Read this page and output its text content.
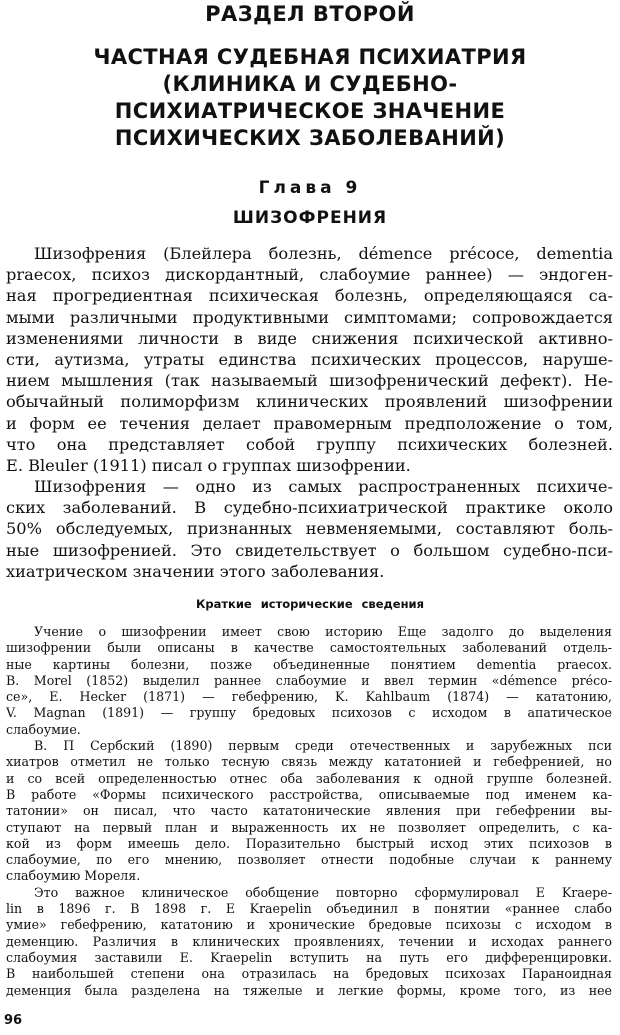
РАЗДЕЛ ВТОРОЙ
ЧАСТНАЯ СУДЕБНАЯ ПСИХИАТРИЯ
(КЛИНИКА И СУДЕБНО-
ПСИХИАТРИЧЕСКОЕ ЗНАЧЕНИЕ
ПСИХИЧЕСКИХ ЗАБОЛЕВАНИЙ)
Глава 9
ШИЗОФРЕНИЯ
Шизофрения (Блейлера болезнь, démence précoce, dementia
praecox, психоз дискордантный, слабоумие раннее) — эндоген-
ная прогредиентная психическая болезнь, определяющаяся са-
мыми различными продуктивными симптомами; сопровождается
изменениями личности в виде снижения психической активно-
сти, аутизма, утраты единства психических процессов, наруше-
нием мышления (так называемый шизофренический дефект). Не-
обычайный полиморфизм клинических проявлений шизофрении
и форм ее течения делает правомерным предположение о том,
что она представляет собой группу психических болезней.
E. Bleuler (1911) писал о группах шизофрении.
Шизофрения — одно из самых распространенных психиче-
ских заболеваний. В судебно-психиатрической практике около
50% обследуемых, признанных невменяемыми, составляют боль-
ные шизофренией. Это свидетельствует о большом судебно-пси-
хиатрическом значении этого заболевания.
Краткие исторические сведения
Учение о шизофрении имеет свою историю Еще задолго до выделения
шизофрении были описаны в качестве самостоятельных заболеваний отдель-
ные картины болезни, позже объединенные понятием dementia praecox.
B. Morel (1852) выделил раннее слабоумие и ввел термин «démence préco-
ce», E. Hecker (1871) — гебефрению, K. Kahlbaum (1874) — кататонию,
V. Magnan (1891) — группу бредовых психозов с исходом в апатическое
слабоумие.
В. П Сербский (1890) первым среди отечественных и зарубежных пси
хиатров отметил не только тесную связь между кататонией и гебефренией, но
и со всей определенностью отнес оба заболевания к одной группе болезней.
В работе «Формы психического расстройства, описываемые под именем ка-
татонии» он писал, что часто кататонические явления при гебефрении вы-
ступают на первый план и выраженность их не позволяет определить, с ка-
кой из форм имеешь дело. Поразительно быстрый исход этих психозов в
слабоумие, по его мнению, позволяет отнести подобные случаи к раннему
слабоумию Мореля.
Это важное клиническое обобщение повторно сформулировал E Kraepe-
lin в 1896 г. В 1898 г. E Kraepelin объединил в понятии «раннее слабо
умие» гебефрению, кататонию и хронические бредовые психозы с исходом в
деменцию. Различия в клинических проявлениях, течении и исходах раннего
слабоумия заставили E. Kraepelin вступить на путь его дифференцировки.
В наибольшей степени она отразилась на бредовых психозах Параноидная
деменция была разделена на тяжелые и легкие формы, кроме того, из нее
96
